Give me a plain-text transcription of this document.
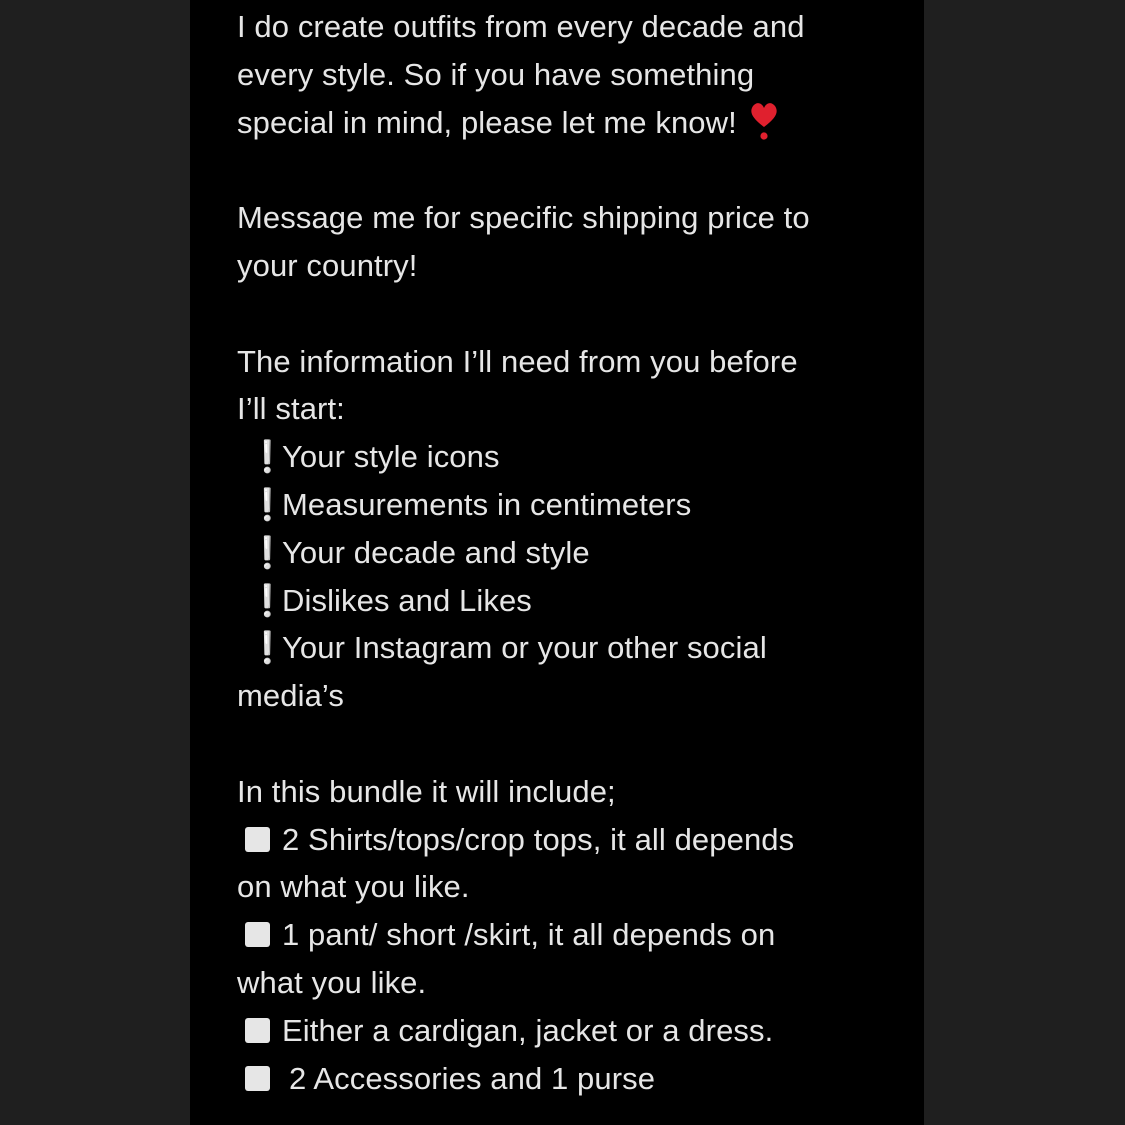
I do create outfits from every decade and
every style. So if you have something
special in mind, please let me know!
Message me for specific shipping price to
your country!
The information I’ll need from you before
I’ll start:
❕Your style icons
❕Measurements in centimeters
❕Your decade and style
❕Dislikes and Likes
❕Your Instagram or your other social
media’s
In this bundle it will include;
2 Shirts/tops/crop tops, it all depends
on what you like.
1 pant/ short /skirt, it all depends on
what you like.
Either a cardigan, jacket or a dress.
2 Accessories and 1 purse
